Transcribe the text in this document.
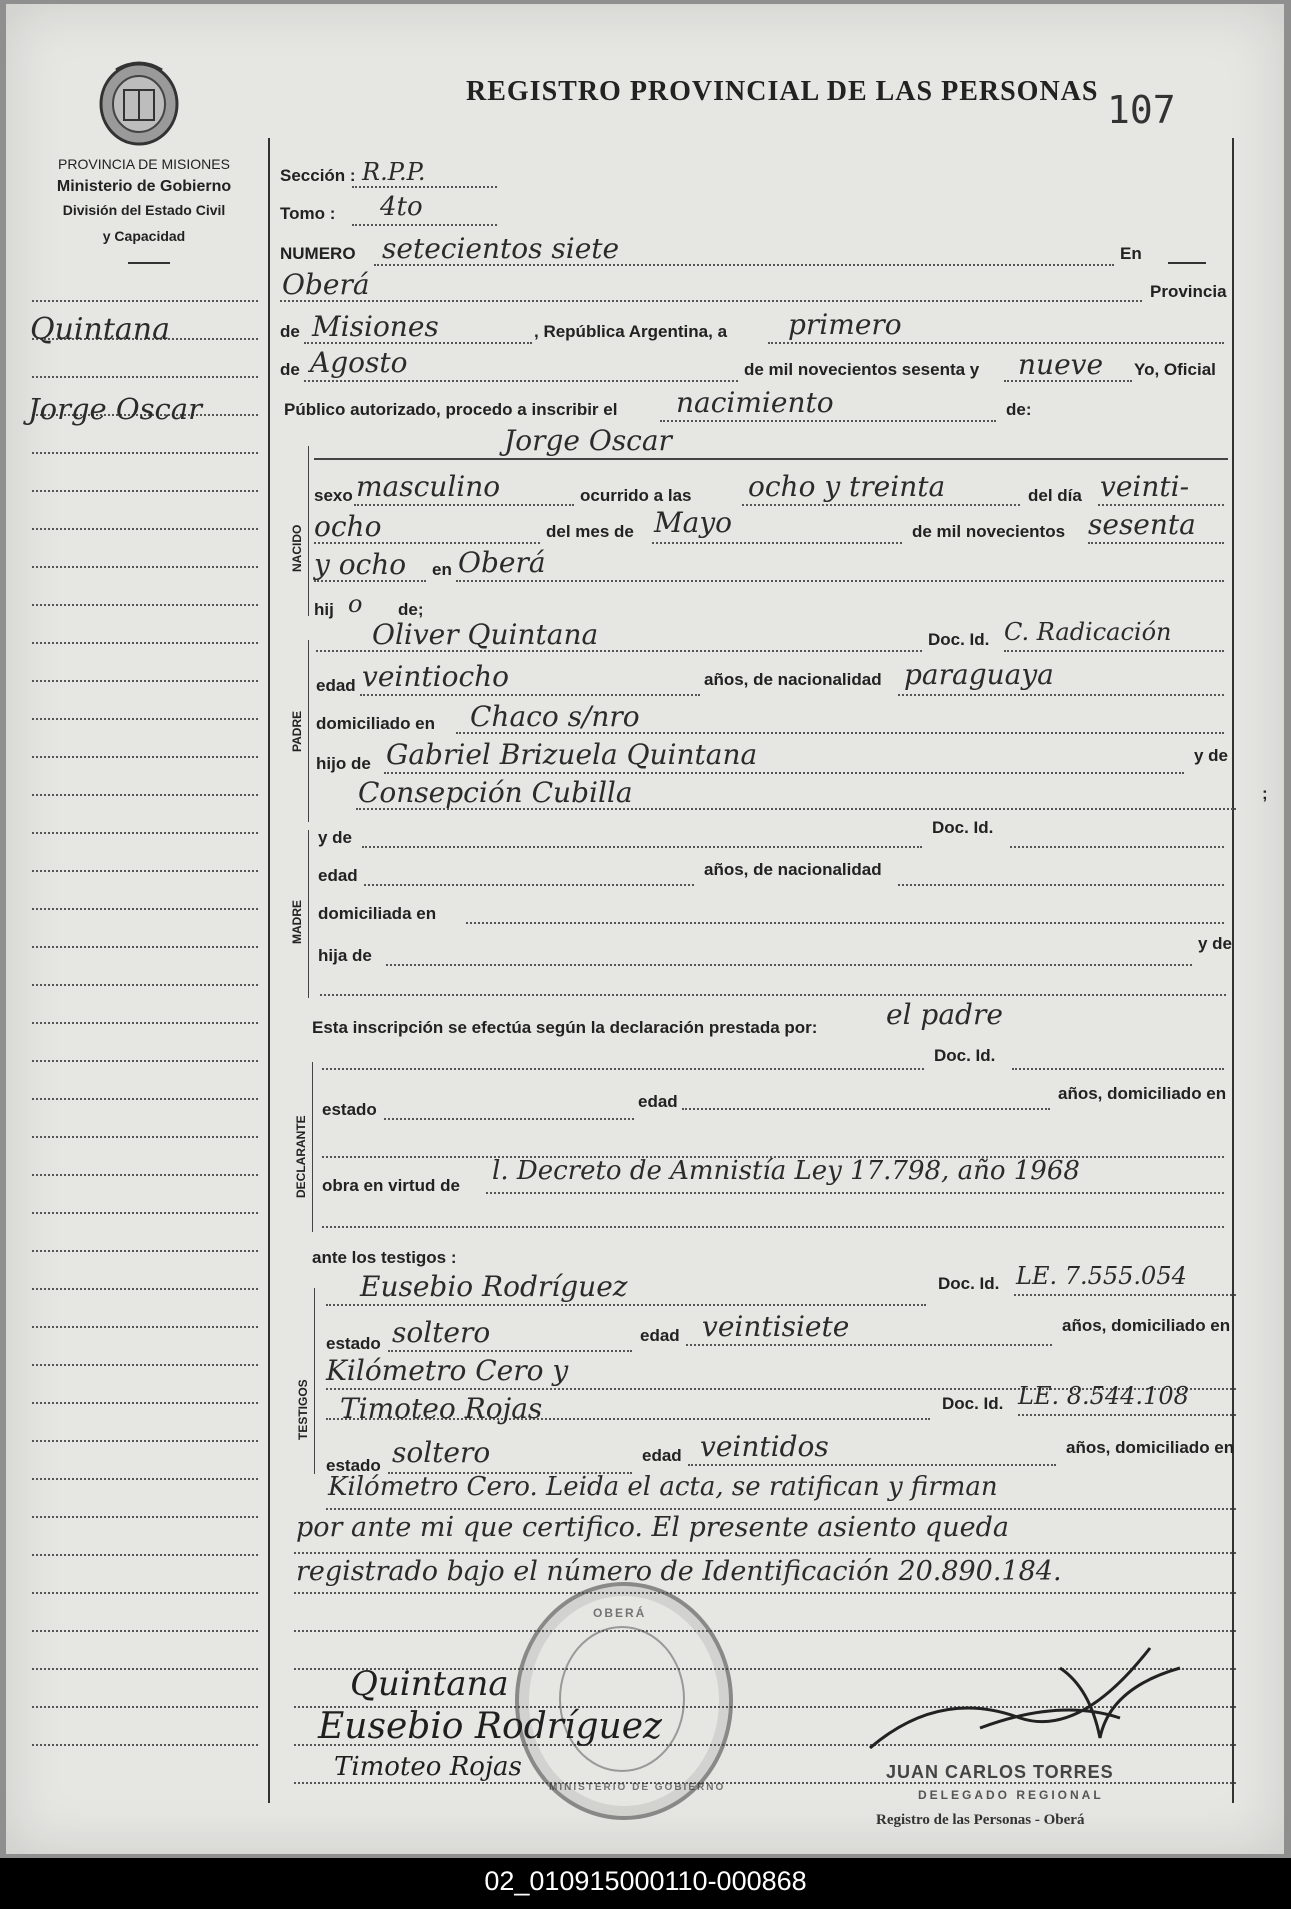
PROVINCIA DE MISIONES
Ministerio de Gobierno
División del Estado Civil
y Capacidad
REGISTRO PROVINCIAL DE LAS PERSONAS 107
Quintana
Jorge Oscar
Sección : R.P.P.
Tomo : 4to
NUMERO setecientos siete	En
Oberá	Provincia
de Misiones	, República Argentina, a primero
de Agosto	de mil novecientos sesenta y nueve Yo, Oficial
Público autorizado, procedo a inscribir el nacimiento	de:
NACIDO
Jorge Oscar
sexo masculino	ocurrido a las ocho y treinta	del día veinti-
ocho	del mes de Mayo	de mil novecientos sesenta
y ocho en Oberá
hij o de;
PADRE
Oliver Quintana	Doc. Id. C. Radicación
edad veintiocho	años, de nacionalidad paraguaya
domiciliado en Chaco s/nro
hijo de Gabriel Brizuela Quintana	y de
Consepción Cubilla	;
MADRE
y de
Doc. Id.
edad	años, de nacionalidad
domiciliada en
hija de
y de
Esta inscripción se efectúa según la declaración prestada por: el padre
DECLARANTE
Doc. Id.
estado	edad	años, domiciliado en
obra en virtud de l. Decreto de Amnistía Ley 17.798, año 1968
ante los testigos :
TESTIGOS
Eusebio Rodríguez	Doc. Id. LE. 7.555.054
estado soltero	edad veintisiete	años, domiciliado en
Kilómetro Cero y
Timoteo Rojas	Doc. Id. LE. 8.544.108
estado soltero	edad veintidos	años, domiciliado en
Kilómetro Cero. Leida el acta, se ratifican y firman
por ante mi que certifico. El presente asiento queda
registrado bajo el número de Identificación 20.890.184.
OBERÁ
MINISTERIO DE GOBIERNO
Quintana
Eusebio Rodríguez
Timoteo Rojas	JUAN CARLOS TORRES
DELEGADO REGIONAL
Registro de las Personas - Oberá
02_010915000110-000868
